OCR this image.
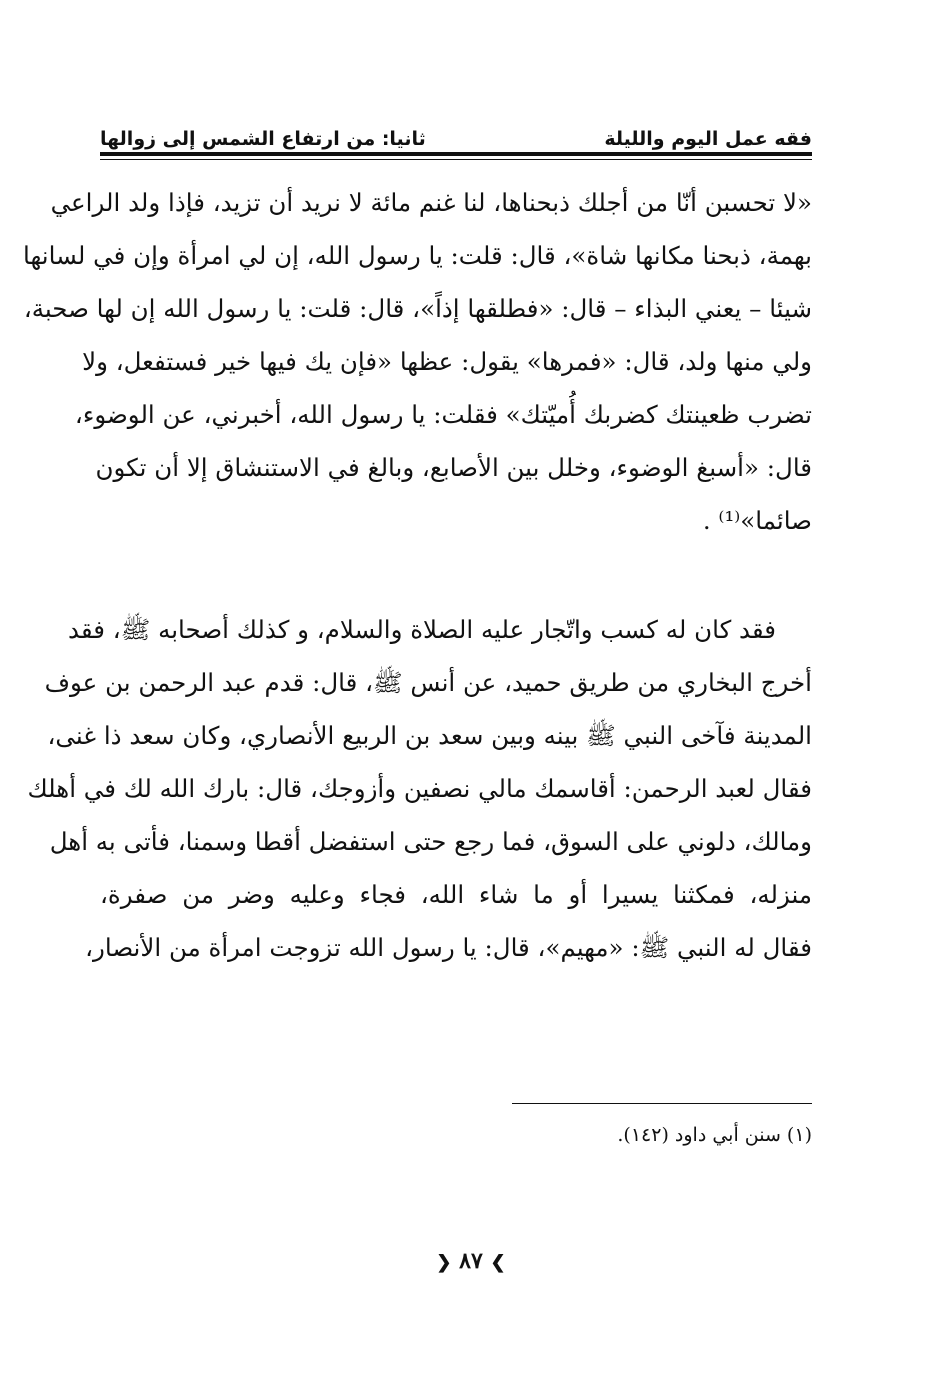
فقه عمل اليوم والليلة
ثانيا: من ارتفاع الشمس إلى زوالها
«لا تحسبن أنّا من أجلك ذبحناها، لنا غنم مائة لا نريد أن تزيد، فإذا ولد الراعي
بهمة، ذبحنا مكانها شاة»، قال: قلت: يا رسول الله، إن لي امرأة وإن في لسانها
شيئا – يعني البذاء – قال: «فطلقها إذاً»، قال: قلت: يا رسول الله إن لها صحبة،
ولي منها ولد، قال: «فمرها» يقول: عظها «فإن يك فيها خير فستفعل، ولا
تضرب ظعينتك كضربك أُميّتك» فقلت: يا رسول الله، أخبرني، عن الوضوء،
قال: «أسبغ الوضوء، وخلل بين الأصابع، وبالغ في الاستنشاق إلا أن تكون
صائما»⁽¹⁾ .
فقد كان له كسب واتّجار عليه الصلاة والسلام، و كذلك أصحابه ﷺ، فقد
أخرج البخاري من طريق حميد، عن أنس ﷺ، قال: قدم عبد الرحمن بن عوف
المدينة فآخى النبي ﷺ بينه وبين سعد بن الربيع الأنصاري، وكان سعد ذا غنى،
فقال لعبد الرحمن: أقاسمك مالي نصفين وأزوجك، قال: بارك الله لك في أهلك
ومالك، دلوني على السوق، فما رجع حتى استفضل أقطا وسمنا، فأتى به أهل
منزله، فمكثنا يسيرا أو ما شاء الله، فجاء وعليه وضر من صفرة،
فقال له النبي ﷺ: «مهيم»، قال: يا رسول الله تزوجت امرأة من الأنصار،
(١) سنن أبي داود (١٤٢).
❯ ٨٧ ❮
